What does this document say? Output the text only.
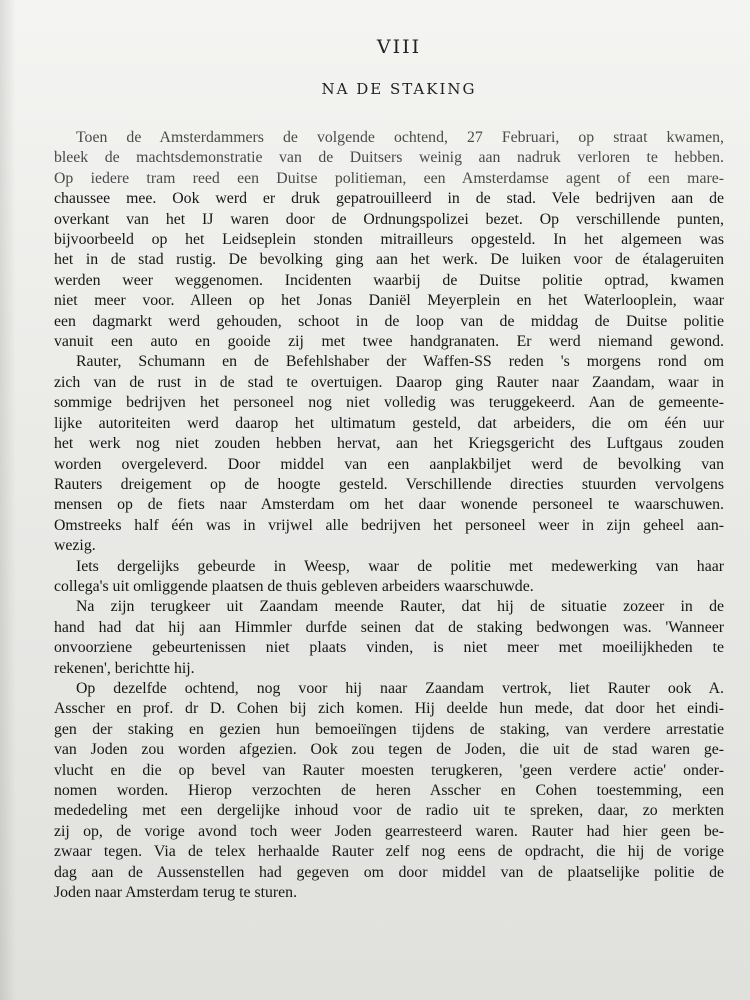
VIII
NA DE STAKING
Toen de Amsterdammers de volgende ochtend, 27 Februari, op straat kwamen,
bleek de machtsdemonstratie van de Duitsers weinig aan nadruk verloren te hebben.
Op iedere tram reed een Duitse politieman, een Amsterdamse agent of een mare-
chaussee mee. Ook werd er druk gepatrouilleerd in de stad. Vele bedrijven aan de
overkant van het IJ waren door de Ordnungspolizei bezet. Op verschillende punten,
bijvoorbeeld op het Leidseplein stonden mitrailleurs opgesteld. In het algemeen was
het in de stad rustig. De bevolking ging aan het werk. De luiken voor de étalageruiten
werden weer weggenomen. Incidenten waarbij de Duitse politie optrad, kwamen
niet meer voor. Alleen op het Jonas Daniël Meyerplein en het Waterlooplein, waar
een dagmarkt werd gehouden, schoot in de loop van de middag de Duitse politie
vanuit een auto en gooide zij met twee handgranaten. Er werd niemand gewond.
Rauter, Schumann en de Befehlshaber der Waffen-SS reden 's morgens rond om
zich van de rust in de stad te overtuigen. Daarop ging Rauter naar Zaandam, waar in
sommige bedrijven het personeel nog niet volledig was teruggekeerd. Aan de gemeente-
lijke autoriteiten werd daarop het ultimatum gesteld, dat arbeiders, die om één uur
het werk nog niet zouden hebben hervat, aan het Kriegsgericht des Luftgaus zouden
worden overgeleverd. Door middel van een aanplakbiljet werd de bevolking van
Rauters dreigement op de hoogte gesteld. Verschillende directies stuurden vervolgens
mensen op de fiets naar Amsterdam om het daar wonende personeel te waarschuwen.
Omstreeks half één was in vrijwel alle bedrijven het personeel weer in zijn geheel aan-
wezig.
Iets dergelijks gebeurde in Weesp, waar de politie met medewerking van haar
collega's uit omliggende plaatsen de thuis gebleven arbeiders waarschuwde.
Na zijn terugkeer uit Zaandam meende Rauter, dat hij de situatie zozeer in de
hand had dat hij aan Himmler durfde seinen dat de staking bedwongen was. 'Wanneer
onvoorziene gebeurtenissen niet plaats vinden, is niet meer met moeilijkheden te
rekenen', berichtte hij.
Op dezelfde ochtend, nog voor hij naar Zaandam vertrok, liet Rauter ook A.
Asscher en prof. dr D. Cohen bij zich komen. Hij deelde hun mede, dat door het eindi-
gen der staking en gezien hun bemoeiïngen tijdens de staking, van verdere arrestatie
van Joden zou worden afgezien. Ook zou tegen de Joden, die uit de stad waren ge-
vlucht en die op bevel van Rauter moesten terugkeren, 'geen verdere actie' onder-
nomen worden. Hierop verzochten de heren Asscher en Cohen toestemming, een
mededeling met een dergelijke inhoud voor de radio uit te spreken, daar, zo merkten
zij op, de vorige avond toch weer Joden gearresteerd waren. Rauter had hier geen be-
zwaar tegen. Via de telex herhaalde Rauter zelf nog eens de opdracht, die hij de vorige
dag aan de Aussenstellen had gegeven om door middel van de plaatselijke politie de
Joden naar Amsterdam terug te sturen.
